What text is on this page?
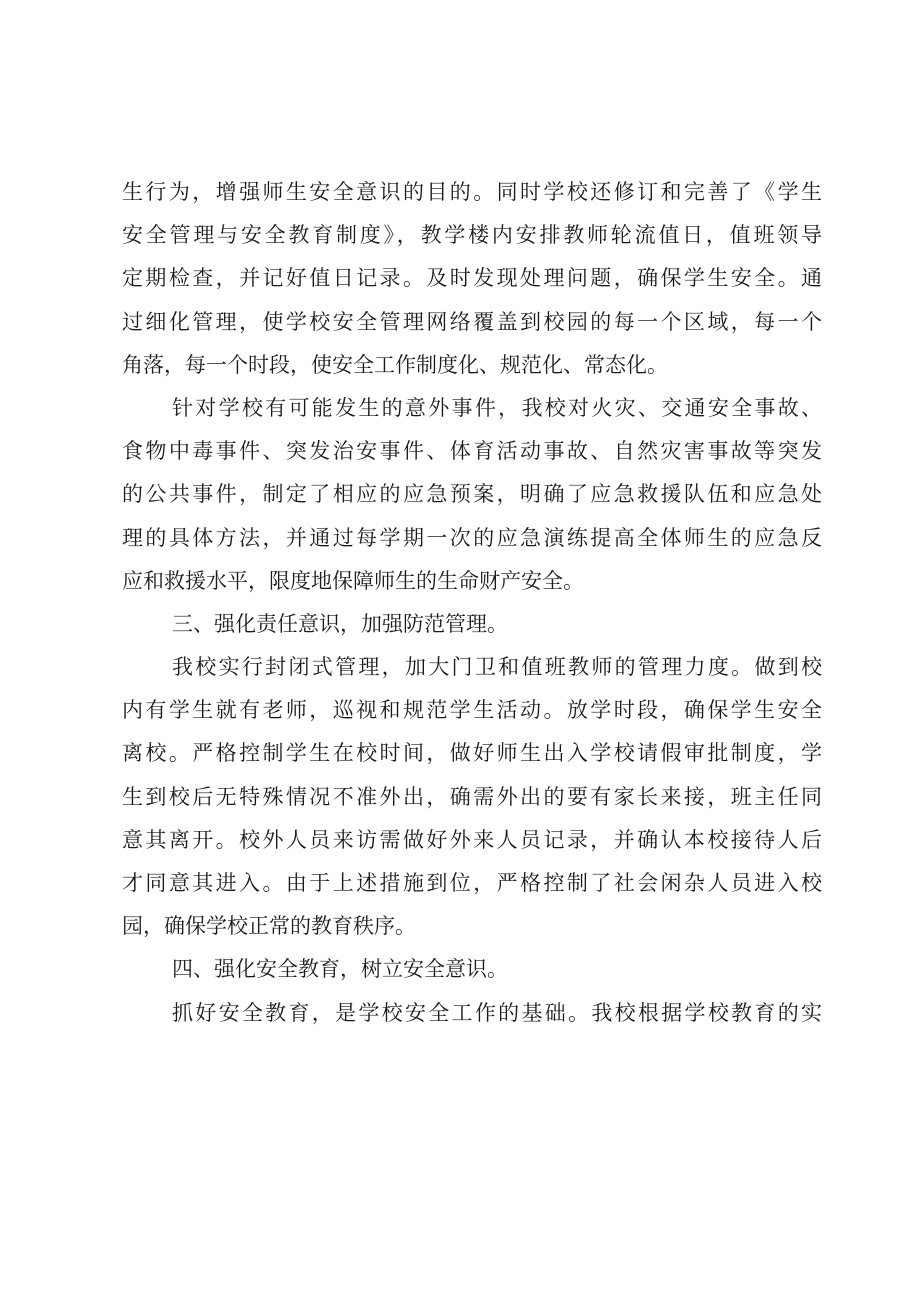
生行为，增强师生安全意识的目的。同时学校还修订和完善了《学生
安全管理与安全教育制度》，教学楼内安排教师轮流值日，值班领导
定期检查，并记好值日记录。及时发现处理问题，确保学生安全。通
过细化管理，使学校安全管理网络覆盖到校园的每一个区域，每一个
角落，每一个时段，使安全工作制度化、规范化、常态化。
针对学校有可能发生的意外事件，我校对火灾、交通安全事故、
食物中毒事件、突发治安事件、体育活动事故、自然灾害事故等突发
的公共事件，制定了相应的应急预案，明确了应急救援队伍和应急处
理的具体方法，并通过每学期一次的应急演练提高全体师生的应急反
应和救援水平，限度地保障师生的生命财产安全。
三、强化责任意识，加强防范管理。
我校实行封闭式管理，加大门卫和值班教师的管理力度。做到校
内有学生就有老师，巡视和规范学生活动。放学时段，确保学生安全
离校。严格控制学生在校时间，做好师生出入学校请假审批制度，学
生到校后无特殊情况不准外出，确需外出的要有家长来接，班主任同
意其离开。校外人员来访需做好外来人员记录，并确认本校接待人后
才同意其进入。由于上述措施到位，严格控制了社会闲杂人员进入校
园，确保学校正常的教育秩序。
四、强化安全教育，树立安全意识。
抓好安全教育，是学校安全工作的基础。我校根据学校教育的实
